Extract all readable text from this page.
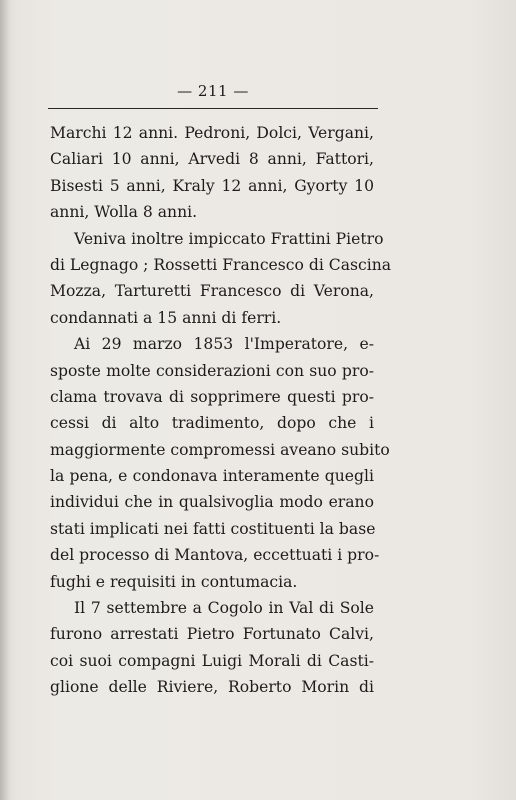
— 211 —
Marchi 12 anni. Pedroni, Dolci, Vergani,
Caliari 10 anni, Arvedi 8 anni, Fattori,
Bisesti 5 anni, Kraly 12 anni, Gyorty 10
anni, Wolla 8 anni.
Veniva inoltre impiccato Frattini Pietro
di Legnago ; Rossetti Francesco di Cascina
Mozza, Tarturetti Francesco di Verona,
condannati a 15 anni di ferri.
Ai 29 marzo 1853 l'Imperatore, e-
sposte molte considerazioni con suo pro-
clama trovava di sopprimere questi pro-
cessi di alto tradimento, dopo che i
maggiormente compromessi aveano subito
la pena, e condonava interamente quegli
individui che in qualsivoglia modo erano
stati implicati nei fatti costituenti la base
del processo di Mantova, eccettuati i pro-
fughi e requisiti in contumacia.
Il 7 settembre a Cogolo in Val di Sole
furono arrestati Pietro Fortunato Calvi,
coi suoi compagni Luigi Morali di Casti-
glione delle Riviere, Roberto Morin di
